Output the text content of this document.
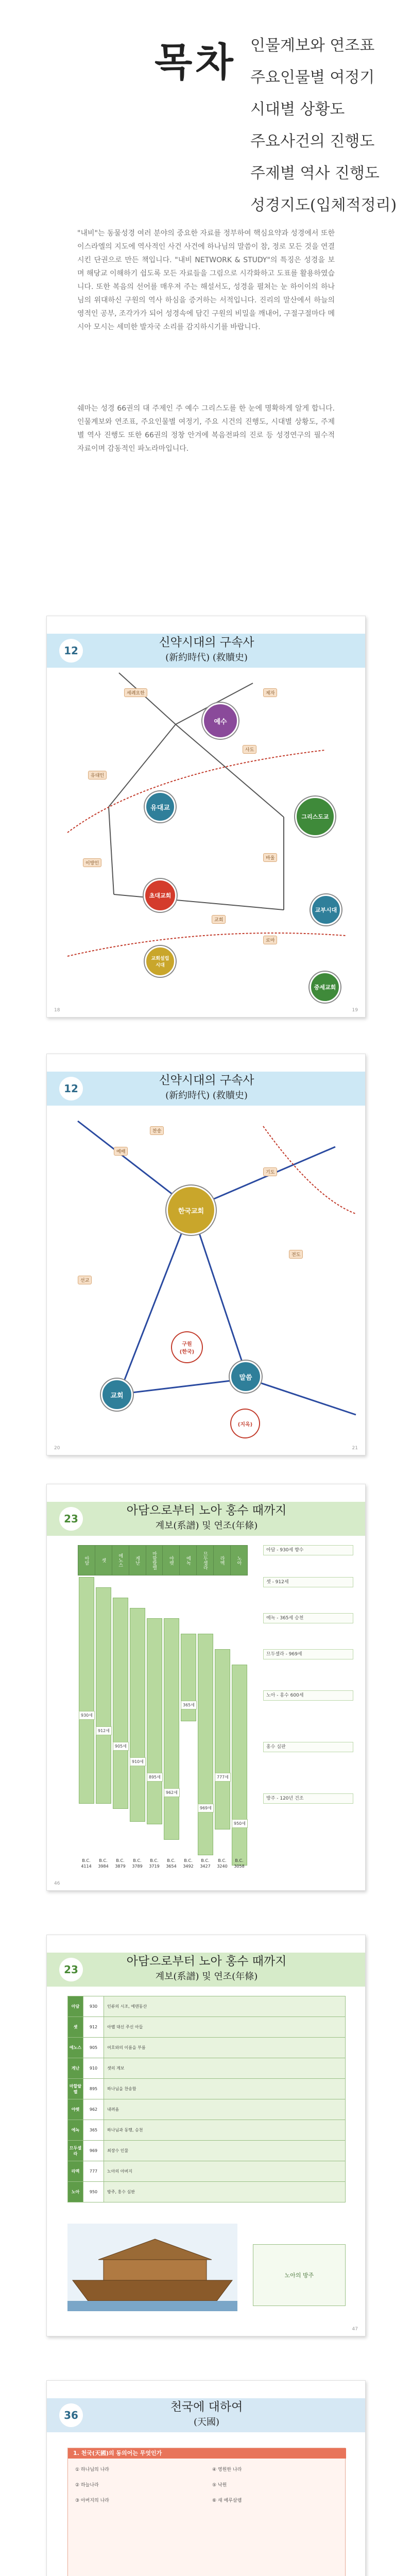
목차 인물계보와 연조표
주요인물별 여정기
시대별 상황도
주요사건의 진행도
주제별 역사 진행도
성경지도(입체적정리)

"내비"는 동물성경 여러 분야의 중요한 자료를 정부하여 핵심요약과 성경에서 또한 이스라엘의 지도에 역사적인 사건 사건에 하나님의 말씀이 참, 정로 모든 것을 연결시킨 단권으로 만든 책입니다. "내비 NETWORK & STUDY"의 특징은 성경을 보며 해당교 이해하기 쉽도록 모든 자료들을 그림으로 시각화하고 도표를 활용하였습니다. 또한 복음의 선어를 매우져 주는 해설서도, 성경을 펼쳐는 눈 하이이의 하나님의 위대하신 구원의 역사 하심을 증거하는 서적입니다. 진리의 말산에서 하늘의 영적인 공부, 조각가가 되어 성경속에 담긴 구원의 비밀을 깨내어, 구절구절마다 메시아 모시는 세미한 발자국 소리를 감지하시기를 바랍니다.

쉐마는 성경 66권의 대 주제인 주 예수 그리스도를 한 눈에 명확하게 알게 합니다. 인물계보와 연조표, 주요인물별 여정기, 주요 시건의 진행도, 시대별 상황도, 주제별 역사 진행도 또한 66권의 정창 안겨에 복음전파의 진로 등 성경연구의 필수적 자료이며 감동적인 파노라마입니다.

12
신약시대의 구속사
(新約時代) (救贖史)
예수
유대교
그리스도교
초대교회
교회설립
시대
교부시대
중세교회
세례요한	제자
유대인
사도
바울
이방인
교회
로마
18	19
12
신약시대의 구속사
(新約時代) (救贖史)
한국교회
구원
(한국)
교회
말씀
(지옥)
예배
찬송
기도
전도
선교
20	21
23
아담으로부터 노아 홍수 때까지
계보(系譜) 및 연조(年條)
아담	셋	에노스	게난	마할랄렐	야렛	에녹	므두셀라	라멕	노아
930세
912세
905세
910세
895세
962세
365세
969세
777세
950세
B.C.
4114
B.C.
3984
B.C.
3879
B.C.
3789
B.C.
3719
B.C.
3654
B.C.
3492
B.C.
3427
B.C.
3240
B.C.
3058
아담 - 930세 향수
셋 - 912세
에녹 - 365세 승천
므두셀라 - 969세
노아 - 홍수 600세
홍수 심판
방주 - 120년 건조
46
23
아담으로부터 노아 홍수 때까지
계보(系譜) 및 연조(年條)
아담	930	인류의 시조, 에덴동산
셋	912	아벨 대신 주신 아들
에노스	905	여호와의 이름을 부름
게난	910	셋의 계보
마할랄렐	895	하나님을 찬송함
야렛	962	내려옴
에녹	365	하나님과 동행, 승천
므두셀라	969	최장수 인물
라멕	777	노아의 아버지
노아	950	방주, 홍수 심판
노아의 방주
47
36
천국에 대하여
(天國)
1. 천국(天國)의 동의어는 무엇인가
① 하나님의 나라
② 하늘나라
③ 아버지의 나라
④ 영원한 나라
⑤ 낙원
⑥ 새 예루살렘
